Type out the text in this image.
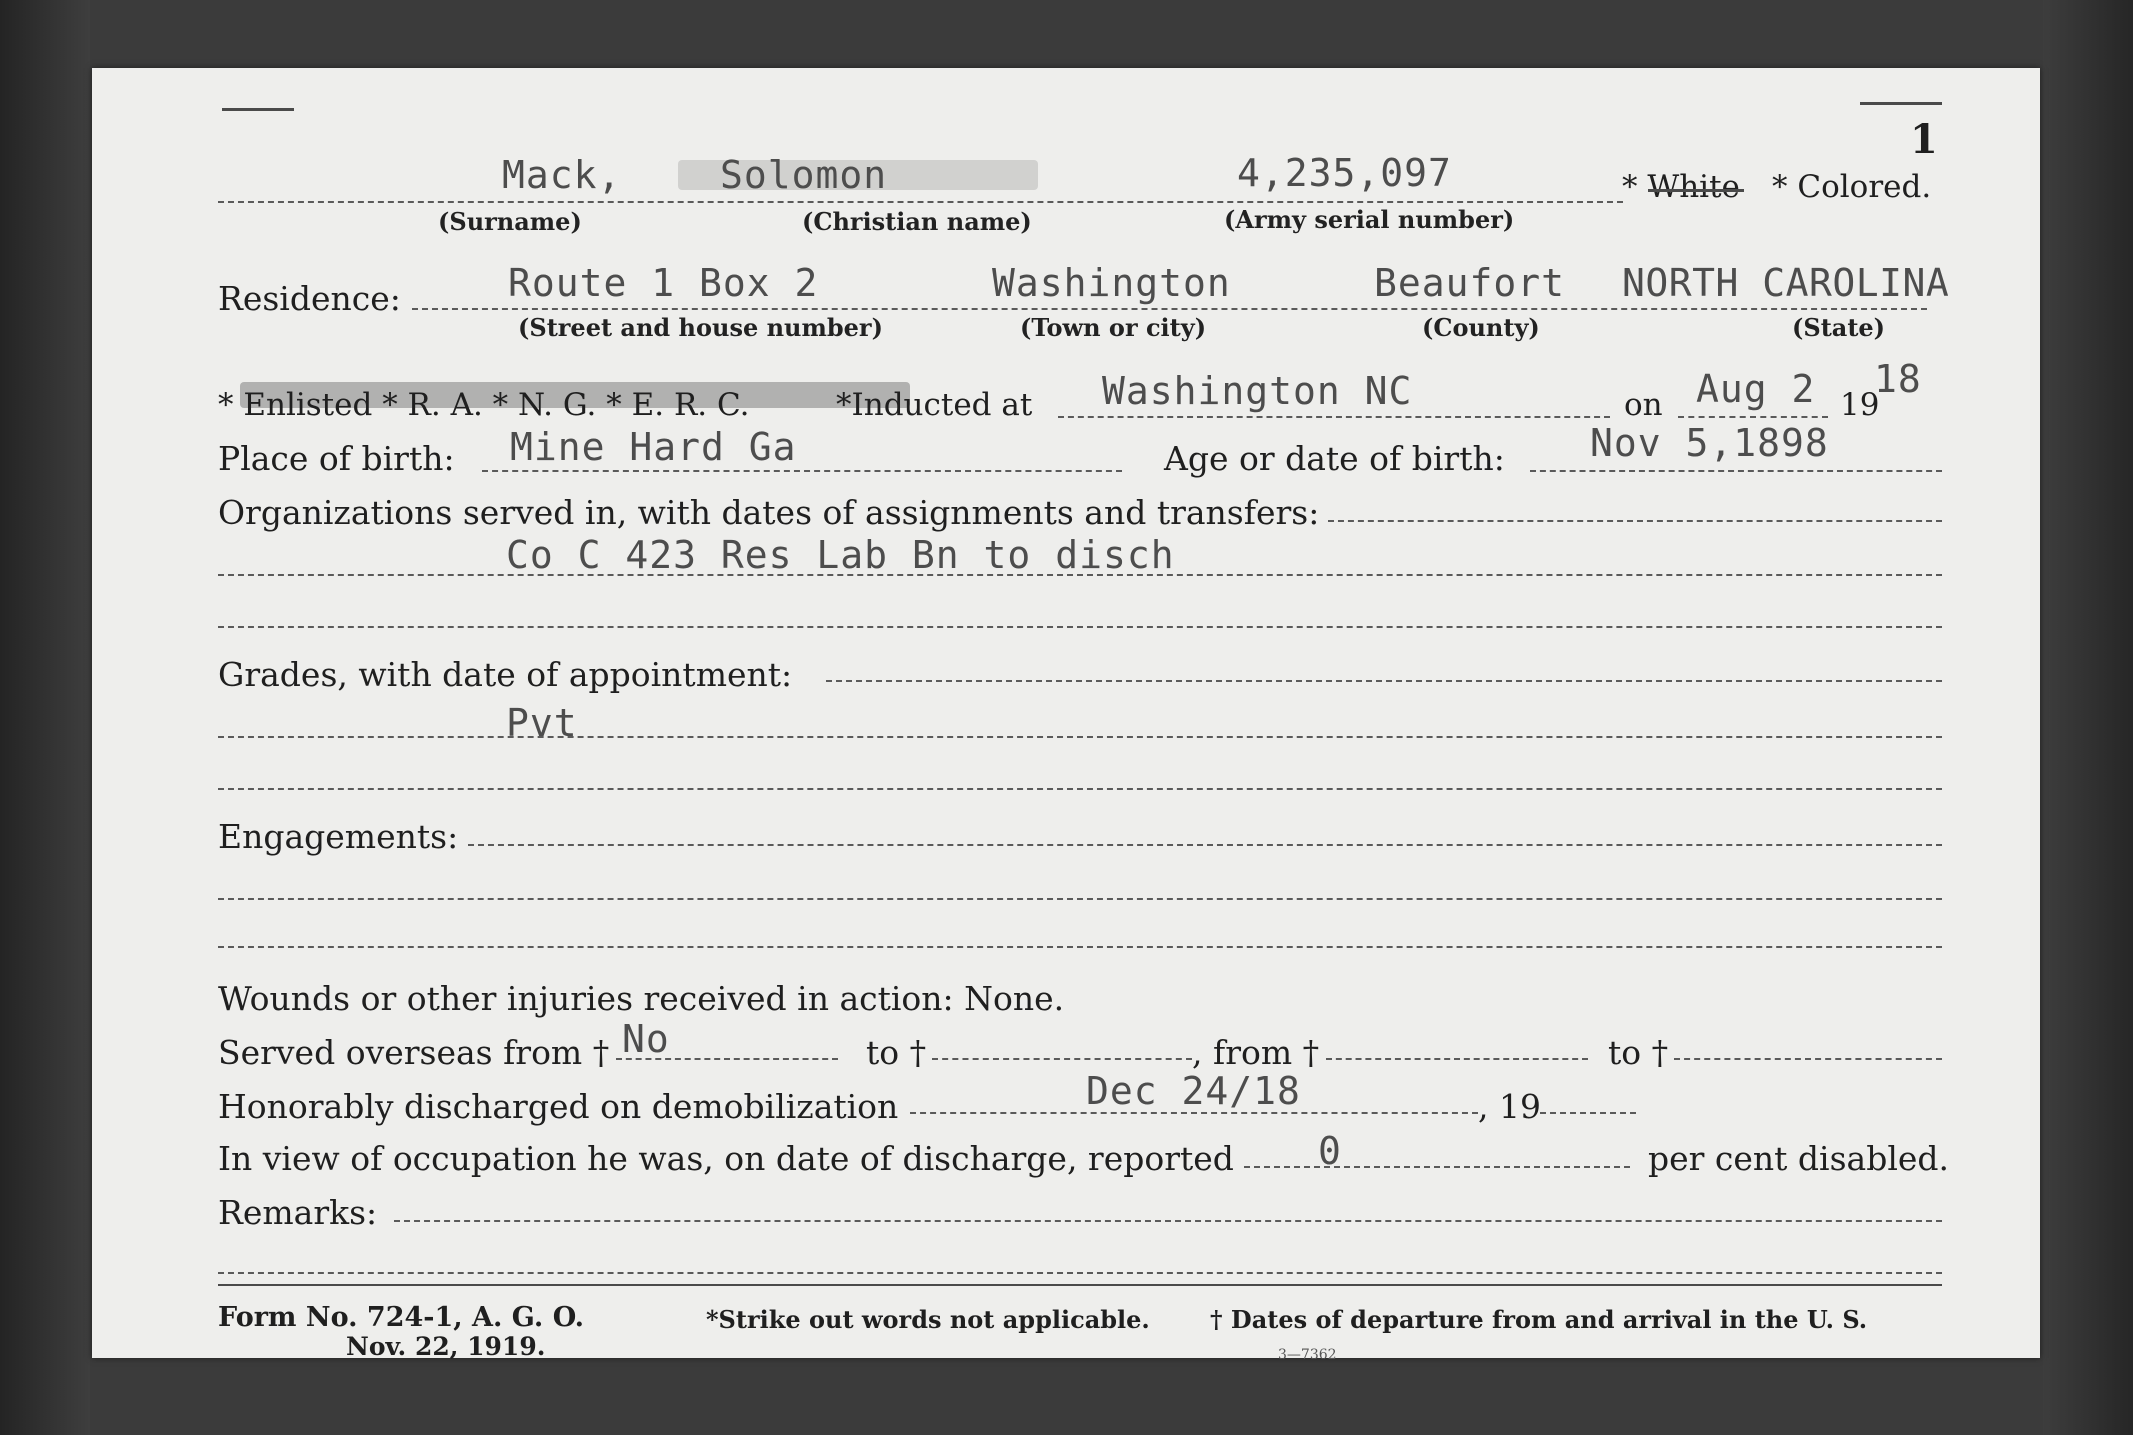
1
Mack,	Solomon	4,235,097	* White * Colored.
(Surname)	(Christian name)	(Army serial number)
Residence:	Route 1 Box 2	Washington	Beaufort NORTH CAROLINA
(Street and house number)	(Town or city)	(County)	(State)
* Enlisted * R. A. * N. G. * E. R. C.	*Inducted at Washington NC	on Aug 2 19
18
Place of birth: Mine Hard Ga	Age or date of birth: Nov 5,1898
Organizations served in, with dates of assignments and transfers:
Co C 423 Res Lab Bn to disch
Grades, with date of appointment:
Pvt
Engagements:
Wounds or other injuries received in action: None.
Served overseas from † No	to †	, from †	to †
Honorably discharged on demobilization	Dec 24/18	, 19
In view of occupation he was, on date of discharge, reported 0	per cent disabled.
Remarks:
Form No. 724-1, A. G. O.
Nov. 22, 1919.
*Strike out words not applicable.	† Dates of departure from and arrival in the U. S.
3—7362
